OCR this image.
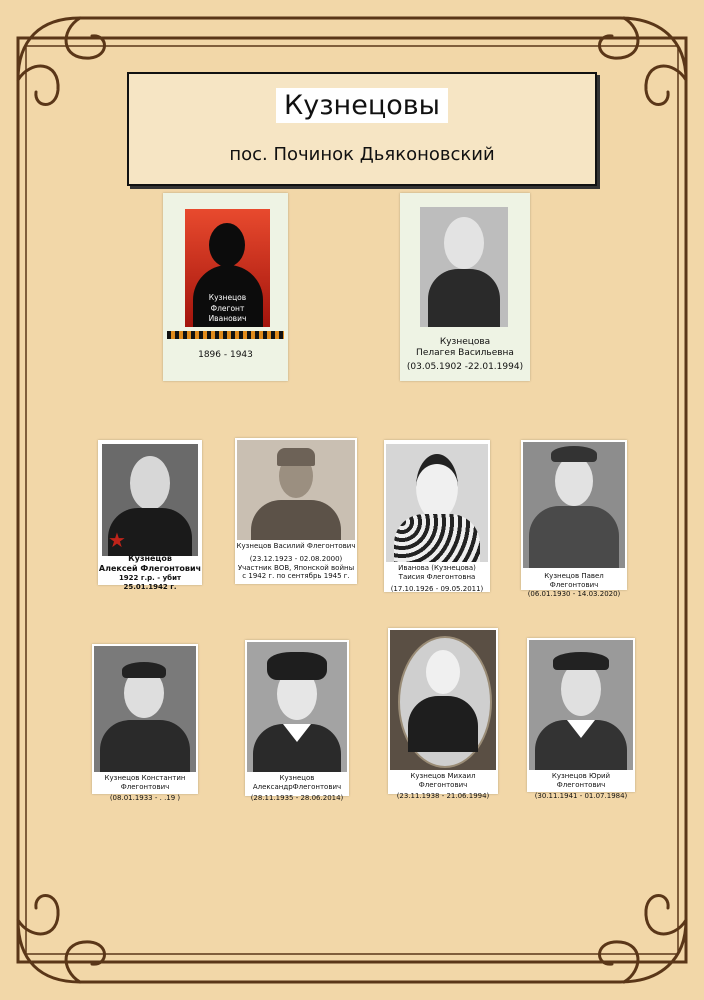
Кузнецовы
пос. Починок Дьяконовский
Кузнецов
Флегонт
Иванович
1896 - 1943
Кузнецова
Пелагея Васильевна
(03.05.1902 -22.01.1994)
★
Кузнецов
Алексей Флегонтович
1922 г.р. - убит 25.01.1942 г.
Кузнецов Василий Флегонтович
(23.12.1923 - 02.08.2000)
Участник ВОВ, Японской войны
с 1942 г. по сентябрь 1945 г.
Иванова (Кузнецова)
Таисия Флегонтовна
(17.10.1926 - 09.05.2011)
Кузнецов Павел Флегонтович
(06.01.1930 - 14.03.2020)
Кузнецов Константин Флегонтович
(08.01.1933 - . .19 )
Кузнецов АлександрФлегонтович
(28.11.1935 - 28.06.2014)
Кузнецов Михаил Флегонтович
(23.11.1938 - 21.06.1994)
Кузнецов Юрий Флегонтович
(30.11.1941 - 01.07.1984)
